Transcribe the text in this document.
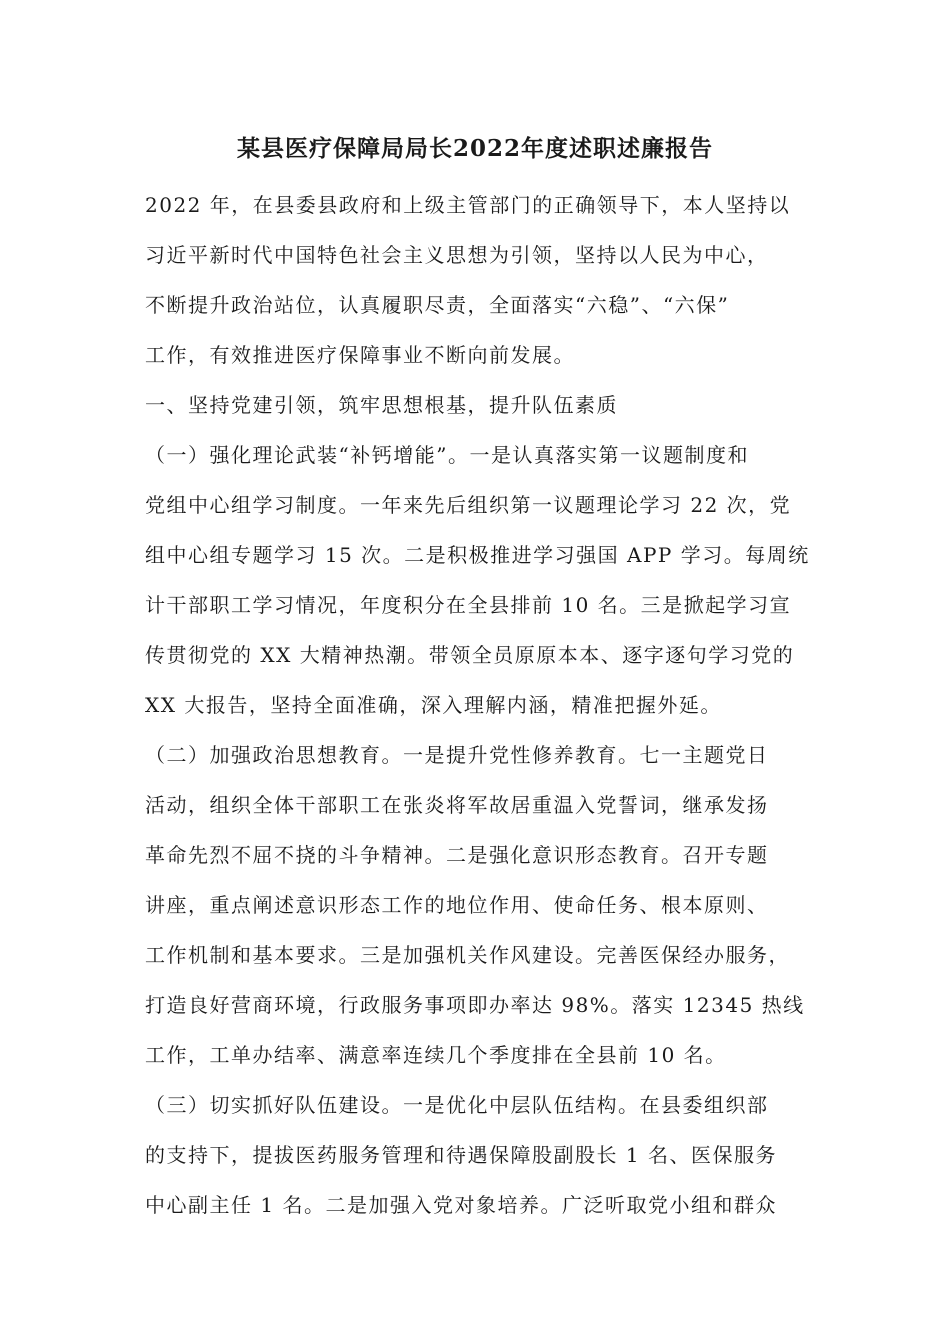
某县医疗保障局局长2022年度述职述廉报告

2022 年，在县委县政府和上级主管部门的正确领导下，本人坚持以
习近平新时代中国特色社会主义思想为引领，坚持以人民为中心，
不断提升政治站位，认真履职尽责，全面落实“六稳”、“六保”
工作，有效推进医疗保障事业不断向前发展。

一、坚持党建引领，筑牢思想根基，提升队伍素质

（一）强化理论武装“补钙增能”。一是认真落实第一议题制度和
党组中心组学习制度。一年来先后组织第一议题理论学习 22 次，党
组中心组专题学习 15 次。二是积极推进学习强国 APP 学习。每周统
计干部职工学习情况，年度积分在全县排前 10 名。三是掀起学习宣
传贯彻党的 XX 大精神热潮。带领全员原原本本、逐字逐句学习党的
XX 大报告，坚持全面准确，深入理解内涵，精准把握外延。

（二）加强政治思想教育。一是提升党性修养教育。七一主题党日
活动，组织全体干部职工在张炎将军故居重温入党誓词，继承发扬
革命先烈不屈不挠的斗争精神。二是强化意识形态教育。召开专题
讲座，重点阐述意识形态工作的地位作用、使命任务、根本原则、
工作机制和基本要求。三是加强机关作风建设。完善医保经办服务，
打造良好营商环境，行政服务事项即办率达 98%。落实 12345 热线
工作，工单办结率、满意率连续几个季度排在全县前 10 名。

（三）切实抓好队伍建设。一是优化中层队伍结构。在县委组织部
的支持下，提拔医药服务管理和待遇保障股副股长 1 名、医保服务
中心副主任 1 名。二是加强入党对象培养。广泛听取党小组和群众
